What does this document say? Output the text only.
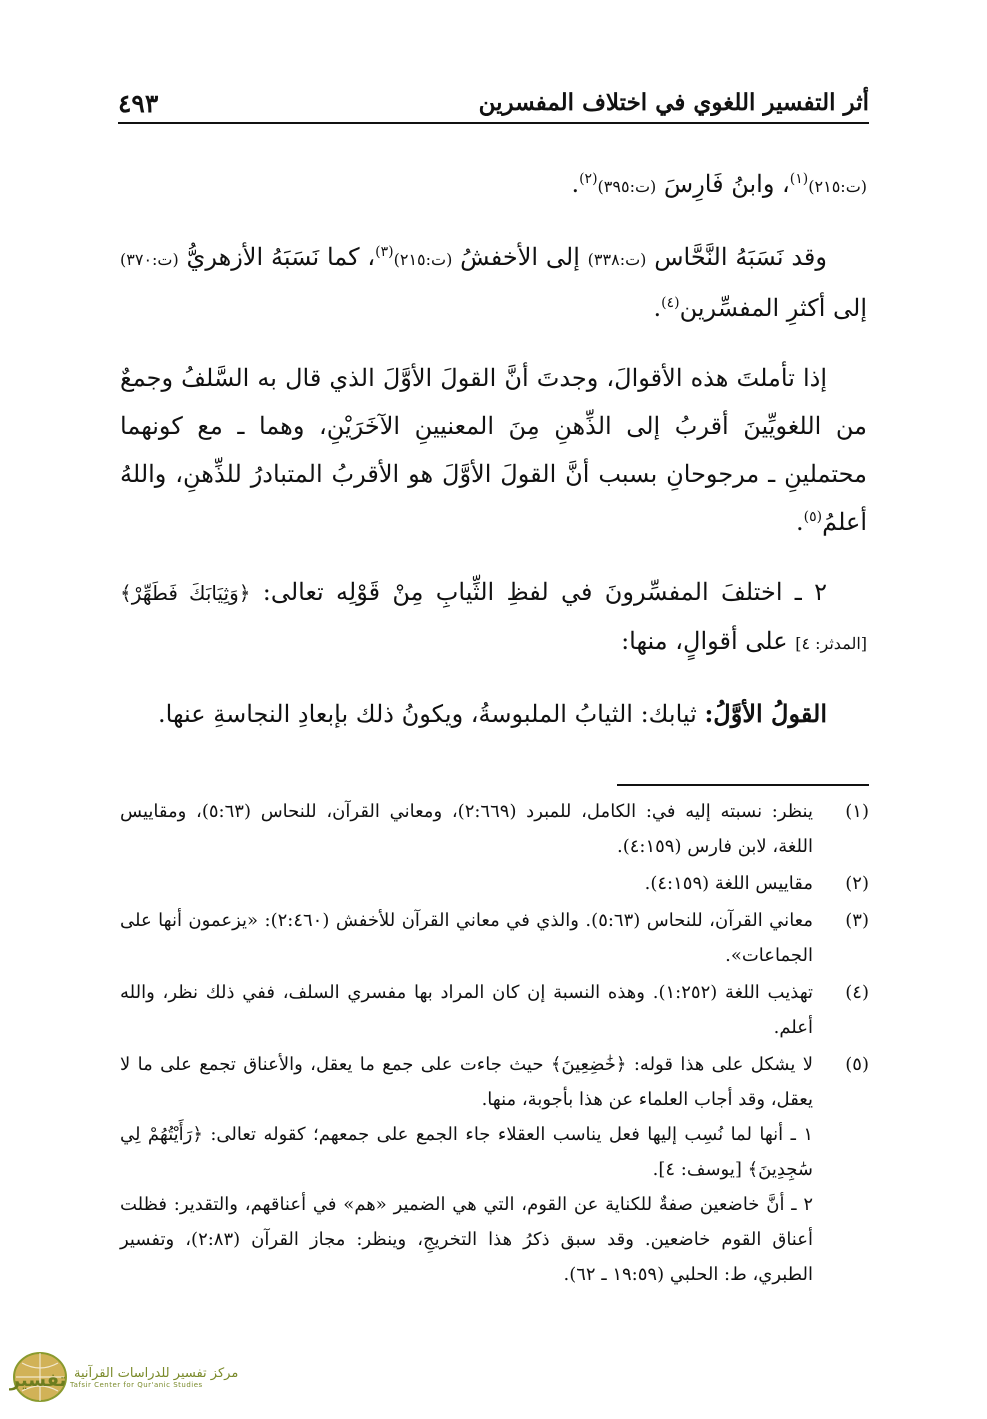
أثر التفسير اللغوي في اختلاف المفسرين
٤٩٣

(ت:٢١٥)$^{(١)}$، وابنُ فَارِسَ (ت:٣٩٥)$^{(٢)}$.

وقد نَسَبَهُ النَّحَّاس (ت:٣٣٨) إلى الأخفشُ (ت:٢١٥)$^{(٣)}$، كما نَسَبَهُ الأزهريُّ (ت:٣٧٠) إلى أكثرِ المفسِّرين$^{(٤)}$.

إذا تأملتَ هذه الأقوالَ، وجدتَ أنَّ القولَ الأوَّلَ الذي قال به السَّلفُ وجمعٌ من اللغويِّينَ أقربُ إلى الذِّهنِ مِنَ المعنيينِ الآخَرَيْنِ، وهما ـ مع كونهما محتملينِ ـ مرجوحانِ بسبب أنَّ القولَ الأوَّلَ هو الأقربُ المتبادرُ للذِّهنِ، واللهُ أعلمُ$^{(٥)}$.

٢ ـ اختلفَ المفسِّرونَ في لفظِ الثِّيابِ مِنْ قَوْلِه تعالى: ﴿وَثِيَابَكَ فَطَهِّرْ﴾ [المدثر: ٤] على أقوالٍ، منها:

القولُ الأوَّلُ: ثيابك: الثيابُ الملبوسةُ، ويكونُ ذلك بإبعادِ النجاسةِ عنها.

(١)
ينظر: نسبته إليه في: الكامل، للمبرد (٢:٦٦٩)، ومعاني القرآن، للنحاس (٥:٦٣)، ومقاييس اللغة، لابن فارس (٤:١٥٩).
(٢)
مقاييس اللغة (٤:١٥٩).
(٣)
معاني القرآن، للنحاس (٥:٦٣). والذي في معاني القرآن للأخفش (٢:٤٦٠): «يزعمون أنها على الجماعات».
(٤)
تهذيب اللغة (١:٢٥٢). وهذه النسبة إن كان المراد بها مفسري السلف، ففي ذلك نظر، والله أعلم.
(٥)
لا يشكل على هذا قوله: ﴿خَٰضِعِينَ﴾ حيث جاءت على جمع ما يعقل، والأعناق تجمع على ما لا يعقل، وقد أجاب العلماء عن هذا بأجوبة، منها.

١ ـ أنها لما نُسِب إليها فعل يناسب العقلاء جاء الجمع على جمعهم؛ كقوله تعالى: ﴿رَأَيْتُهُمْ لِي سَٰجِدِينَ﴾ [يوسف: ٤].

٢ ـ أنَّ خاضعين صفةٌ للكناية عن القوم، التي هي الضمير «هم» في أعناقهم، والتقدير: فظلت أعناق القوم خاضعين. وقد سبق ذكرُ هذا التخريجِ، وينظر: مجاز القرآن (٢:٨٣)، وتفسير الطبري، ط: الحلبي (١٩:٥٩ ـ ٦٢).

تفسير مركز تفسير للدراسات القرآنية
Tafsir Center for Qur'anic Studies
